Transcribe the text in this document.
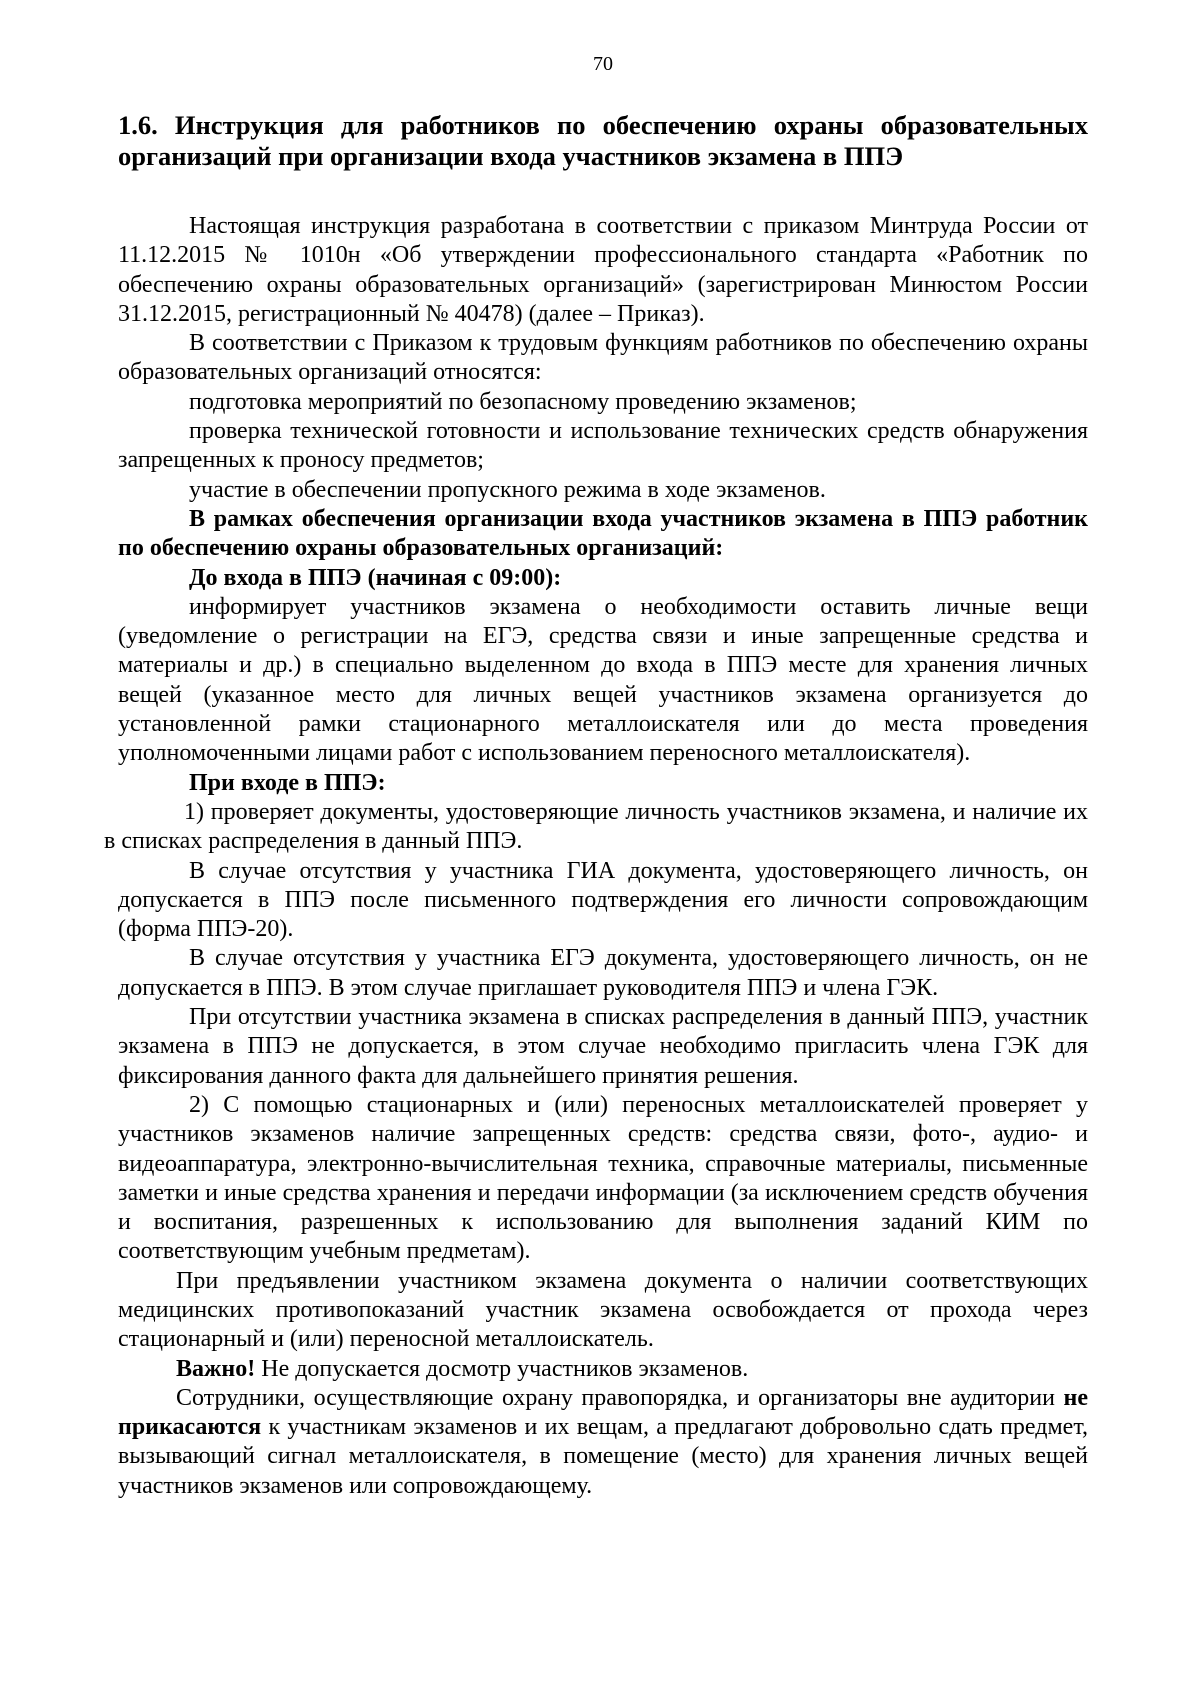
70
1.6. Инструкция для работников по обеспечению охраны образовательных организаций при организации входа участников экзамена в ППЭ

Настоящая инструкция разработана в соответствии с приказом Минтруда России от 11.12.2015 № 1010н «Об утверждении профессионального стандарта «Работник по обеспечению охраны образовательных организаций» (зарегистрирован Минюстом России 31.12.2015, регистрационный № 40478) (далее – Приказ).

В соответствии с Приказом к трудовым функциям работников по обеспечению охраны образовательных организаций относятся:

подготовка мероприятий по безопасному проведению экзаменов;

проверка технической готовности и использование технических средств обнаружения запрещенных к проносу предметов;

участие в обеспечении пропускного режима в ходе экзаменов.

В рамках обеспечения организации входа участников экзамена в ППЭ работник по обеспечению охраны образовательных организаций:

До входа в ППЭ (начиная с 09:00):

информирует участников экзамена о необходимости оставить личные вещи (уведомление о регистрации на ЕГЭ, средства связи и иные запрещенные средства и материалы и др.) в специально выделенном до входа в ППЭ месте для хранения личных вещей (указанное место для личных вещей участников экзамена организуется до установленной рамки стационарного металлоискателя или до места проведения уполномоченными лицами работ с использованием переносного металлоискателя).

При входе в ППЭ:

1) проверяет документы, удостоверяющие личность участников экзамена, и наличие их в списках распределения в данный ППЭ.

В случае отсутствия у участника ГИА документа, удостоверяющего личность, он допускается в ППЭ после письменного подтверждения его личности сопровождающим (форма ППЭ-20).

В случае отсутствия у участника ЕГЭ документа, удостоверяющего личность, он не допускается в ППЭ. В этом случае приглашает руководителя ППЭ и члена ГЭК.

При отсутствии участника экзамена в списках распределения в данный ППЭ, участник экзамена в ППЭ не допускается, в этом случае необходимо пригласить члена ГЭК для фиксирования данного факта для дальнейшего принятия решения.

2) С помощью стационарных и (или) переносных металлоискателей проверяет у участников экзаменов наличие запрещенных средств: средства связи, фото-, аудио- и видеоаппаратура, электронно-вычислительная техника, справочные материалы, письменные заметки и иные средства хранения и передачи информации (за исключением средств обучения и воспитания, разрешенных к использованию для выполнения заданий КИМ по соответствующим учебным предметам).

При предъявлении участником экзамена документа о наличии соответствующих медицинских противопоказаний участник экзамена освобождается от прохода через стационарный и (или) переносной металлоискатель.

Важно! Не допускается досмотр участников экзаменов.

Сотрудники, осуществляющие охрану правопорядка, и организаторы вне аудитории не прикасаются к участникам экзаменов и их вещам, а предлагают добровольно сдать предмет, вызывающий сигнал металлоискателя, в помещение (место) для хранения личных вещей участников экзаменов или сопровождающему.
